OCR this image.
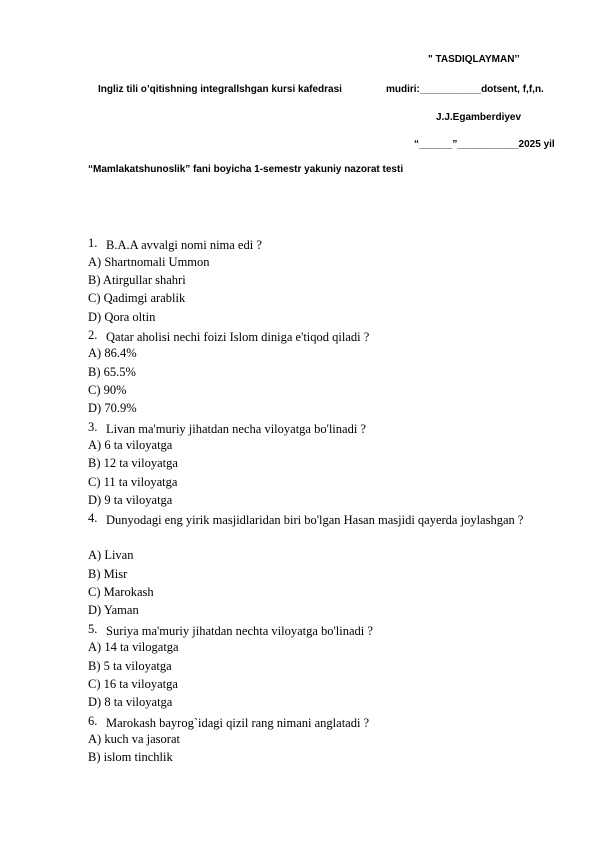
" TASDIQLAYMAN’’
Ingliz tili o’qitishning integrallshgan kursi kafedrasi	mudiri:___________dotsent, f,f,n.
J.J.Egamberdiyev
“______”___________2025 yil
“Mamlakatshunoslik” fani boyicha 1-semestr yakuniy nazorat testi
1. B.A.A avvalgi nomi nima edi ?
A) Shartnomali Ummon
B) Atirgullar shahri
C) Qadimgi arablik
D) Qora oltin
2. Qatar aholisi nechi foizi Islom diniga e'tiqod qiladi ?
A) 86.4%
B) 65.5%
C) 90%
D) 70.9%
3. Livan ma'muriy jihatdan necha viloyatga bo'linadi ?
A) 6 ta viloyatga
B) 12 ta viloyatga
C) 11 ta viloyatga
D) 9 ta viloyatga
4. Dunyodagi eng yirik masjidlaridan biri bo'lgan Hasan masjidi qayerda joylashgan ?
A) Livan
B) Misr
C) Marokash
D) Yaman
5. Suriya ma'muriy jihatdan nechta viloyatga bo'linadi ?
A) 14 ta vilogatga
B) 5 ta viloyatga
C) 16 ta viloyatga
D) 8 ta viloyatga
6. Marokash bayrog`idagi qizil rang nimani anglatadi ?
A) kuch va jasorat
B) islom tinchlik
